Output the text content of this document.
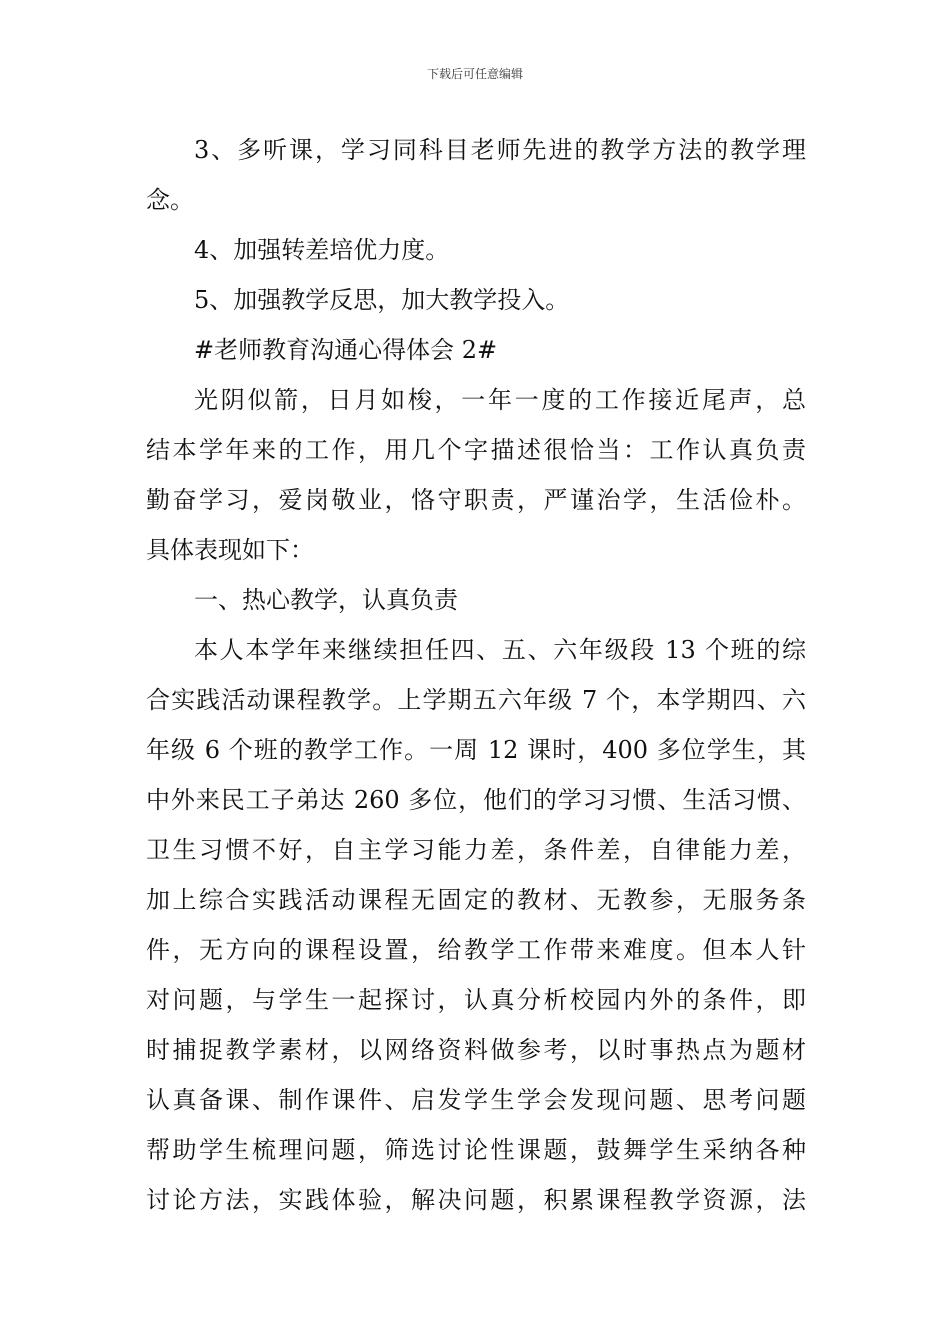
下载后可任意编辑
3、多听课，学习同科目老师先进的教学方法的教学理
念。
4、加强转差培优力度。
5、加强教学反思，加大教学投入。
#老师教育沟通心得体会 2#
光阴似箭，日月如梭，一年一度的工作接近尾声，总
结本学年来的工作，用几个字描述很恰当：工作认真负责
勤奋学习，爱岗敬业，恪守职责，严谨治学，生活俭朴。
具体表现如下：
一、热心教学，认真负责
本人本学年来继续担任四、五、六年级段 13 个班的综
合实践活动课程教学。上学期五六年级 7 个，本学期四、六
年级 6 个班的教学工作。一周 12 课时，400 多位学生，其
中外来民工子弟达 260 多位，他们的学习习惯、生活习惯、
卫生习惯不好，自主学习能力差，条件差，自律能力差，
加上综合实践活动课程无固定的教材、无教参，无服务条
件，无方向的课程设置，给教学工作带来难度。但本人针
对问题，与学生一起探讨，认真分析校园内外的条件，即
时捕捉教学素材，以网络资料做参考，以时事热点为题材
认真备课、制作课件、启发学生学会发现问题、思考问题
帮助学生梳理问题，筛选讨论性课题，鼓舞学生采纳各种
讨论方法，实践体验，解决问题，积累课程教学资源，法
